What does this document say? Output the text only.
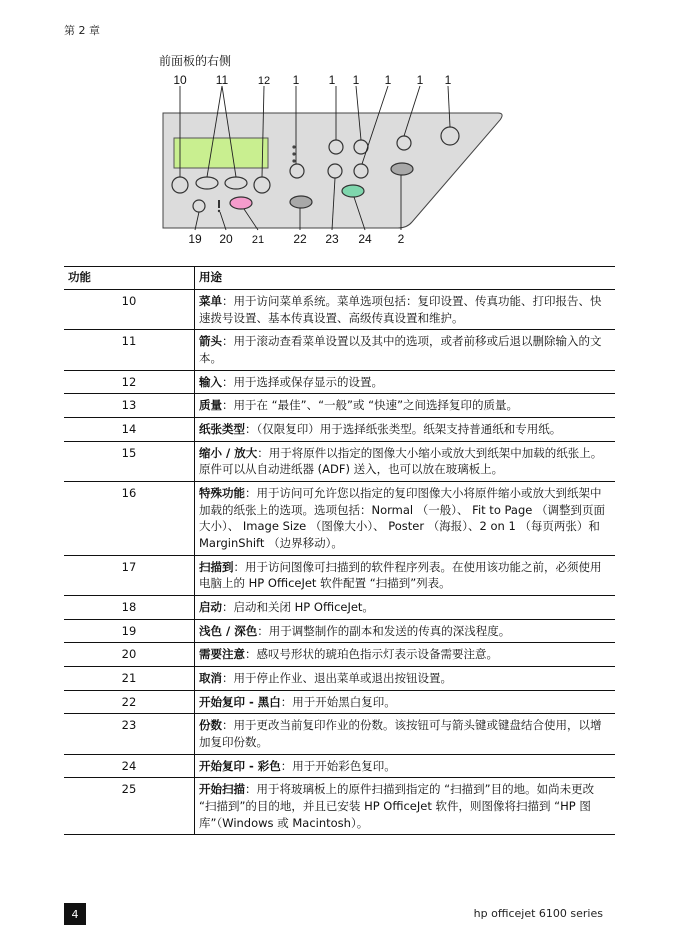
第 2 章
前面板的右侧
10 11	12 1 1 1 1 1 1
19 20 21 22 23 24 2
功能	用途
10	菜单：用于访问菜单系统。菜单选项包括：复印设置、传真功能、打印报告、快速拨号设置、基本传真设置、高级传真设置和维护。
11	箭头：用于滚动查看菜单设置以及其中的选项，或者前移或后退以删除输入的文本。
12	输入：用于选择或保存显示的设置。
13	质量：用于在 “最佳”、“一般”或 “快速”之间选择复印的质量。
14	纸张类型：（仅限复印）用于选择纸张类型。纸架支持普通纸和专用纸。
15	缩小 / 放大：用于将原件以指定的图像大小缩小或放大到纸架中加载的纸张上。原件可以从自动进纸器 (ADF) 送入，也可以放在玻璃板上。
16	特殊功能：用于访问可允许您以指定的复印图像大小将原件缩小或放大到纸架中加载的纸张上的选项。选项包括：Normal （一般）、 Fit to Page （调整到页面大小）、 Image Size （图像大小）、 Poster （海报）、2 on 1 （每页两张）和 MarginShift （边界移动）。
17	扫描到：用于访问图像可扫描到的软件程序列表。在使用该功能之前，必须使用电脑上的 HP OfficeJet 软件配置 “扫描到”列表。
18	启动：启动和关闭 HP OfficeJet。
19	浅色 / 深色：用于调整制作的副本和发送的传真的深浅程度。
20	需要注意：感叹号形状的琥珀色指示灯表示设备需要注意。
21	取消：用于停止作业、退出菜单或退出按钮设置。
22	开始复印 - 黑白：用于开始黑白复印。
23	份数：用于更改当前复印作业的份数。该按钮可与箭头键或键盘结合使用，以增加复印份数。
24	开始复印 - 彩色：用于开始彩色复印。
25	开始扫描：用于将玻璃板上的原件扫描到指定的 “扫描到”目的地。如尚未更改 “扫描到”的目的地，并且已安装 HP OfficeJet 软件，则图像将扫描到 “HP 图库”（Windows 或 Macintosh）。
4	hp officejet 6100 series
